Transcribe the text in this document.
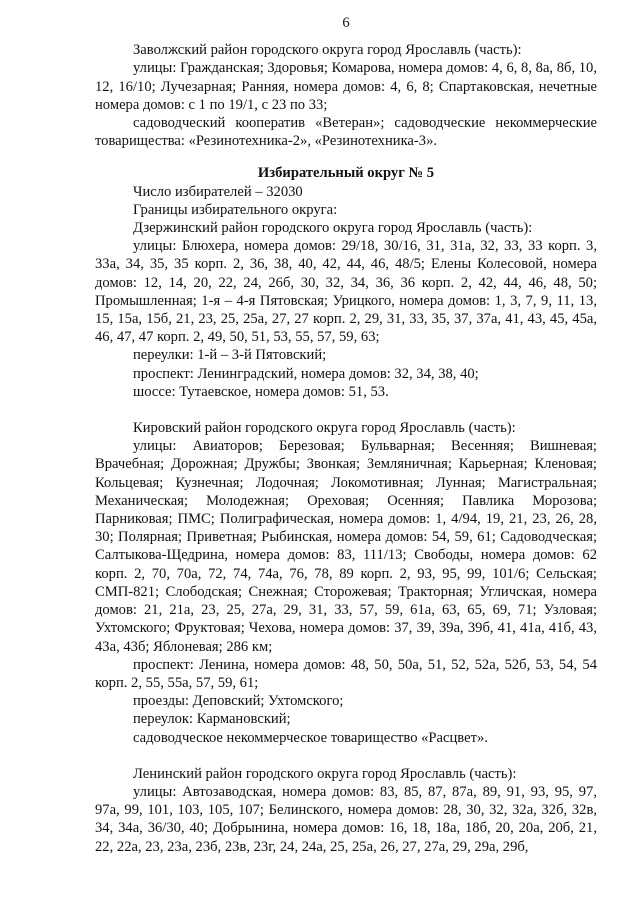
6

Заволжский район городского округа город Ярославль (часть):

улицы: Гражданская; Здоровья; Комарова, номера домов: 4, 6, 8, 8а, 8б, 10, 12, 16/10; Лучезарная; Ранняя, номера домов: 4, 6, 8; Спартаковская, нечетные номера домов: с 1 по 19/1, с 23 по 33;

садоводческий кооператив «Ветеран»; садоводческие некоммерческие товарищества: «Резинотехника-2», «Резинотехника-3».

Избирательный округ № 5

Число избирателей – 32030

Границы избирательного округа:

Дзержинский район городского округа город Ярославль (часть):

улицы: Блюхера, номера домов: 29/18, 30/16, 31, 31а, 32, 33, 33 корп. 3, 33а, 34, 35, 35 корп. 2, 36, 38, 40, 42, 44, 46, 48/5; Елены Колесовой, номера домов: 12, 14, 20, 22, 24, 26б, 30, 32, 34, 36, 36 корп. 2, 42, 44, 46, 48, 50; Промышленная; 1-я – 4-я Пятовская; Урицкого, номера домов: 1, 3, 7, 9, 11, 13, 15, 15а, 15б, 21, 23, 25, 25а, 27, 27 корп. 2, 29, 31, 33, 35, 37, 37а, 41, 43, 45, 45а, 46, 47, 47 корп. 2, 49, 50, 51, 53, 55, 57, 59, 63;

переулки: 1-й – 3-й Пятовский;

проспект: Ленинградский, номера домов: 32, 34, 38, 40;

шоссе: Тутаевское, номера домов: 51, 53.

Кировский район городского округа город Ярославль (часть):

улицы: Авиаторов; Березовая; Бульварная; Весенняя; Вишневая; Врачебная; Дорожная; Дружбы; Звонкая; Земляничная; Карьерная; Кленовая; Кольцевая; Кузнечная; Лодочная; Локомотивная; Лунная; Магистральная; Механическая; Молодежная; Ореховая; Осенняя; Павлика Морозова; Парниковая; ПМС; Полиграфическая, номера домов: 1, 4/94, 19, 21, 23, 26, 28, 30; Полярная; Приветная; Рыбинская, номера домов: 54, 59, 61; Садоводческая; Салтыкова-Щедрина, номера домов: 83, 111/13; Свободы, номера домов: 62 корп. 2, 70, 70а, 72, 74, 74а, 76, 78, 89 корп. 2, 93, 95, 99, 101/6; Сельская; СМП-821; Слободская; Снежная; Сторожевая; Тракторная; Угличская, номера домов: 21, 21а, 23, 25, 27а, 29, 31, 33, 57, 59, 61а, 63, 65, 69, 71; Узловая; Ухтомского; Фруктовая; Чехова, номера домов: 37, 39, 39а, 39б, 41, 41а, 41б, 43, 43а, 43б; Яблоневая; 286 км;

проспект: Ленина, номера домов: 48, 50, 50а, 51, 52, 52а, 52б, 53, 54, 54 корп. 2, 55, 55а, 57, 59, 61;

проезды: Деповский; Ухтомского;

переулок: Кармановский;

садоводческое некоммерческое товарищество «Расцвет».

Ленинский район городского округа город Ярославль (часть):

улицы: Автозаводская, номера домов: 83, 85, 87, 87а, 89, 91, 93, 95, 97, 97а, 99, 101, 103, 105, 107; Белинского, номера домов: 28, 30, 32, 32а, 32б, 32в, 34, 34а, 36/30, 40; Добрынина, номера домов: 16, 18, 18а, 18б, 20, 20а, 20б, 21, 22, 22а, 23, 23а, 23б, 23в, 23г, 24, 24а, 25, 25а, 26, 27, 27а, 29, 29а, 29б,
